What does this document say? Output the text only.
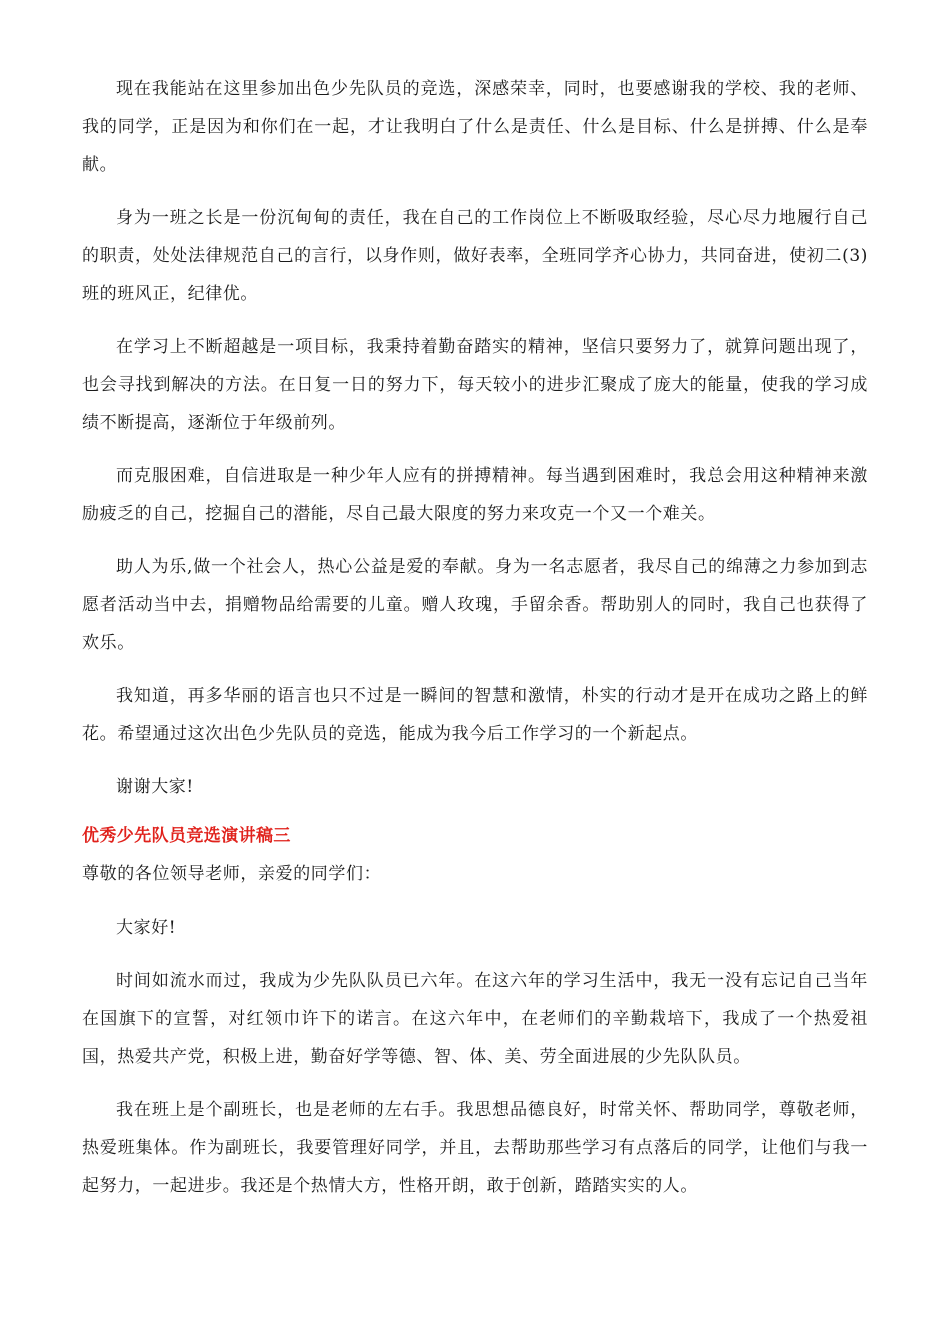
现在我能站在这里参加出色少先队员的竞选，深感荣幸，同时，也要感谢我的学校、我的老师、我的同学，正是因为和你们在一起，才让我明白了什么是责任、什么是目标、什么是拼搏、什么是奉献。

身为一班之长是一份沉甸甸的责任，我在自己的工作岗位上不断吸取经验，尽心尽力地履行自己的职责，处处法律规范自己的言行，以身作则，做好表率，全班同学齐心协力，共同奋进，使初二(3)班的班风正，纪律优。

在学习上不断超越是一项目标，我秉持着勤奋踏实的精神，坚信只要努力了，就算问题出现了，也会寻找到解决的方法。在日复一日的努力下，每天较小的进步汇聚成了庞大的能量，使我的学习成绩不断提高，逐渐位于年级前列。

而克服困难，自信进取是一种少年人应有的拼搏精神。每当遇到困难时，我总会用这种精神来激励疲乏的自己，挖掘自己的潜能，尽自己最大限度的努力来攻克一个又一个难关。

助人为乐,做一个社会人，热心公益是爱的奉献。身为一名志愿者，我尽自己的绵薄之力参加到志愿者活动当中去，捐赠物品给需要的儿童。赠人玫瑰，手留余香。帮助别人的同时，我自己也获得了欢乐。

我知道，再多华丽的语言也只不过是一瞬间的智慧和激情，朴实的行动才是开在成功之路上的鲜花。希望通过这次出色少先队员的竞选，能成为我今后工作学习的一个新起点。

谢谢大家!

优秀少先队员竞选演讲稿三

尊敬的各位领导老师，亲爱的同学们：

大家好!

时间如流水而过，我成为少先队队员已六年。在这六年的学习生活中，我无一没有忘记自己当年在国旗下的宣誓，对红领巾许下的诺言。在这六年中，在老师们的辛勤栽培下，我成了一个热爱祖国，热爱共产党，积极上进，勤奋好学等德、智、体、美、劳全面进展的少先队队员。

我在班上是个副班长，也是老师的左右手。我思想品德良好，时常关怀、帮助同学，尊敬老师，热爱班集体。作为副班长，我要管理好同学，并且，去帮助那些学习有点落后的同学，让他们与我一起努力，一起进步。我还是个热情大方，性格开朗，敢于创新，踏踏实实的人。
